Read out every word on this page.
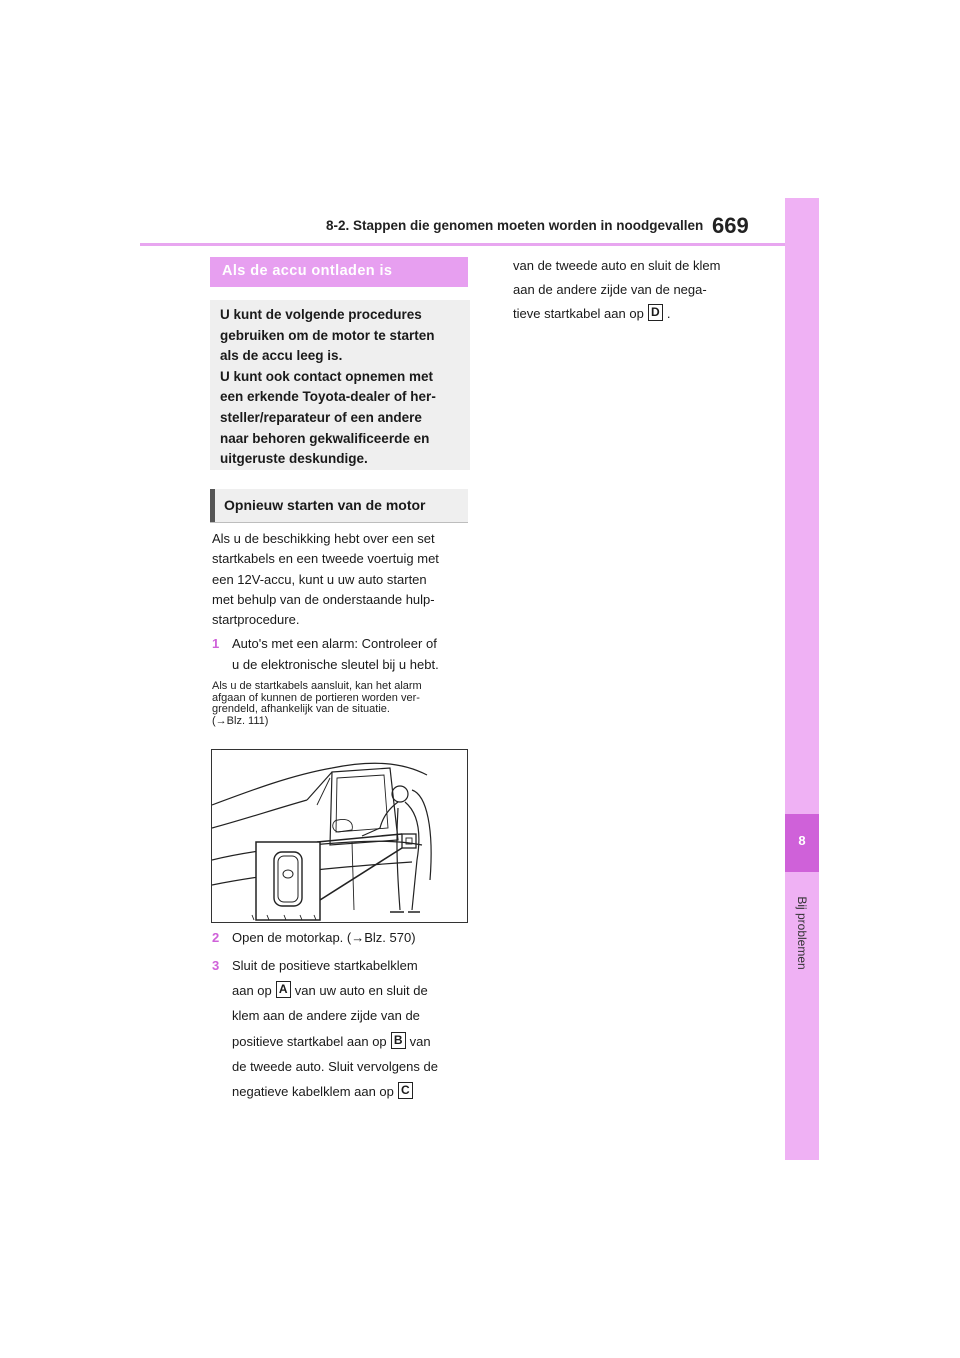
8-2. Stappen die genomen moeten worden in noodgevallen 669
8
Bij problemen
Als de accu ontladen is

U kunt de volgende procedures
gebruiken om de motor te starten
als de accu leeg is.
U kunt ook contact opnemen met
een erkende Toyota-dealer of her-
steller/reparateur of een andere
naar behoren gekwalificeerde en
uitgeruste deskundige.

Opnieuw starten van de motor
Als u de beschikking hebt over een set
startkabels en een tweede voertuig met
een 12V-accu, kunt u uw auto starten
met behulp van de onderstaande hulp-
startprocedure.
1 Auto's met een alarm: Controleer of
u de elektronische sleutel bij u hebt.
Als u de startkabels aansluit, kan het alarm
afgaan of kunnen de portieren worden ver-
grendeld, afhankelijk van de situatie.
(→Blz. 111)
2 Open de motorkap. (→Blz. 570)
3 Sluit de positieve startkabelklem
aan op A van uw auto en sluit de
klem aan de andere zijde van de
positieve startkabel aan op B van
de tweede auto. Sluit vervolgens de
negatieve kabelklem aan op C
van de tweede auto en sluit de klem
aan de andere zijde van de nega-
tieve startkabel aan op D .
